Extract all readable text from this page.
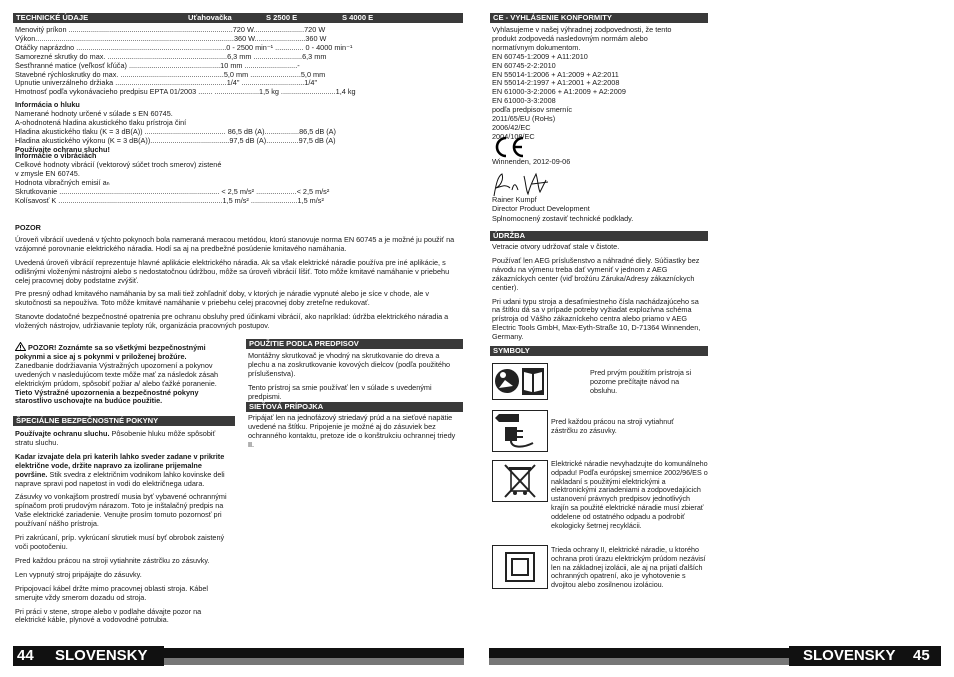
TECHNICKÉ ÚDAJE	Uťahovačka	S 2500 E	S 4000 E
Menovitý príkon .................................................................................720 W.........................720 W
Výkon..................................................................................................360 W.........................360 W
Otáčky naprázdno ..........................................................................0 - 2500 min⁻¹ .............. 0 - 4000 min⁻¹
Samorezné skrutky do max. ...........................................................6,3 mm ........................6,3 mm
Šesťhranné matice (veľkosť kľúča) .............................................10 mm ..........................-
Stavebné rýchloskrutky do max. ...................................................5,0 mm .........................5,0 mm
Upnutie univerzálneho držiaka .......................................................1/4" ...............................1/4"
Hmotnosť podľa vykonávacieho predpisu EPTA 01/2003 ....... ......................1,5 kg ...........................1,4 kg
Informácia o hluku
Namerané hodnoty určené v súlade s EN 60745.
A-ohodnotená hladina akustického tlaku prístroja činí
Hladina akustického tlaku (K = 3 dB(A)) ........................................ 86,5 dB (A).................86,5 dB (A)
Hladina akustického výkonu (K = 3 dB(A)).......................................97,5 dB (A)................97,5 dB (A)
Používajte ochranu sluchu!
Informácie o vibráciách
Celkové hodnoty vibrácií (vektorový súčet troch smerov) zistené
v zmysle EN 60745.
Hodnota vibračných emisií aₕ
Skrutkovanie ............................................................................... < 2,5 m/s² ....................< 2,5 m/s²
Kolísavosť K .................................................................................1,5 m/s² .......................1,5 m/s²
POZOR

Úroveň vibrácií uvedená v týchto pokynoch bola nameraná meracou metódou, ktorú stanovuje norma EN 60745 a je možné ju použiť na vzájomné porovnanie elektrického náradia. Hodí sa aj na predbežné posúdenie kmitavého namáhania.

Uvedená úroveň vibrácií reprezentuje hlavné aplikácie elektrického náradia. Ak sa však elektrické náradie používa pre iné aplikácie, s odlišnými vloženými nástrojmi alebo s nedostatočnou údržbou, môže sa úroveň vibrácií líšiť. Toto môže kmitavé namáhanie v priebehu celej pracovnej doby podstatne zvýšiť.

Pre presný odhad kmitavého namáhania by sa mali tiež zohľadniť doby, v ktorých je náradie vypnuté alebo je síce v chode, ale v skutočnosti sa nepoužíva. Toto môže kmitavé namáhanie v priebehu celej pracovnej doby zreteľne redukovať.

Stanovte dodatočné bezpečnostné opatrenia pre ochranu obsluhy pred účinkami vibrácií, ako napríklad: údržba elektrického náradia a vložených nástrojov, udržiavanie teploty rúk, organizácia pracovných postupov.

POZOR! Zoznámte sa so všetkými bezpečnostnými pokynmi a sice aj s pokynmi v priloženej brožúre.
Zanedbanie dodržiavania Výstražných upozornení a pokynov uvedených v nasledujúcom texte môže mať za následok zásah elektrickým prúdom, spôsobiť požiar a/ alebo ťažké poranenie.
Tieto Výstražné upozornenia a bezpečnostné pokyny starostlivo uschovajte na budúce použitie.
ŠPECIÁLNE BEZPEČNOSTNÉ POKYNY

Používajte ochranu sluchu. Pôsobenie hluku môže spôsobiť stratu sluchu.

Kadar izvajate dela pri katerih lahko sveder zadane v prikrite električne vode, držite napravo za izolirane prijemalne površine. Stik svedra z električnim vodnikom lahko kovinske deli naprave spravi pod napetost in vodi do električnega udara.

Zásuvky vo vonkajšom prostredí musia byť vybavené ochrannými spínačom proti prudovým nárazom. Toto je inštalačný predpis na Vaše elektrické zariadenie. Venujte prosím tomuto pozornosť pri používaní nášho prístroja.

Pri zakrúcaní, príp. vykrúcaní skrutiek musí byť obrobok zaistený voči pootočeniu.

Pred každou prácou na stroji vytiahnite zástrčku zo zásuvky.

Len vypnutý stroj pripájajte do zásuvky.

Pripojovací kábel držte mimo pracovnej oblasti stroja. Kábel smerujte vždy smerom dozadu od stroja.

Pri práci v stene, strope alebo v podlahe dávajte pozor na elektrické káble, plynové a vodovodné potrubia.

POUŽITIE PODĽA PREDPISOV

Montážny skrutkovač je vhodný na skrutkovanie do dreva a plechu a na zoskrutkovanie kovových dielcov (podľa použitého príslušenstva).

Tento prístroj sa smie používať len v súlade s uvedenými predpismi.

SIEŤOVÁ PRÍPOJKA

Pripájať len na jednofázový striedavý prúd a na sieťové napätie uvedené na štítku. Pripojenie je možné aj do zásuviek bez ochranného kontaktu, pretoze ide o konštrukciu ochrannej triedy II.

44 SLOVENSKY
CE - VYHLÁSENIE KONFORMITY
Vyhlasujeme v našej výhradnej zodpovednosti, že tento
produkt zodpovedá nasledovným normám alebo
normatívnym dokumentom.
EN 60745-1:2009 + A11:2010
EN 60745-2-2:2010
EN 55014-1:2006 + A1:2009 + A2:2011
EN 55014-2:1997 + A1:2001 + A2:2008
EN 61000-3-2:2006 + A1:2009 + A2:2009
EN 61000-3-3:2008
podľa predpisov smerníc
2011/65/EU (RoHs)
2006/42/EC
2004/108/EC
Winnenden, 2012-09-06
Rainer Kumpf
Director Product Development
Splnomocnený zostaviť technické podklady.
ÚDRŽBA

Vetracie otvory udržovať stale v čistote.

Používať len AEG príslušenstvo a náhradné diely. Súčiastky bez návodu na výmenu treba dať vymeniť v jednom z AEG zákazníckych center (viď brožúru Záruka/Adresy zákazníckych centier).

Pri udani typu stroja a desaťmiestneho čísla nachádzajúceho sa na štítku dá sa v prípade potreby vyžiadat explozívna schéma prístroja od Vášho zákazníckeho centra alebo priamo v AEG Electric Tools GmbH, Max-Eyth-Straße 10, D-71364 Winnenden, Germany.

SYMBOLY
Pred prvým použitím prístroja si pozorne prečítajte návod na obsluhu.
Pred každou prácou na stroji vytiahnuť zástrčku zo zásuvky.
Elektrické náradie nevyhadzujte do komunálneho odpadu! Podľa európskej smernice 2002/96/ES o nakladaní s použitými elektrickými a elektronickými zariadeniami a zodpovedajúcich ustanovení právnych predpisov jednotlivých krajín sa použité elektrické náradie musí zbierať oddelene od ostatného odpadu a podrobiť ekologicky šetrnej recyklácii.
Trieda ochrany II, elektrické náradie, u ktorého ochrana proti úrazu elektrickým prúdom nezávisí len na základnej izolácii, ale aj na prijatí ďalších ochranných opatrení, ako je vyhotovenie s dvojitou alebo zosilnenou izoláciou.
SLOVENSKY 45
